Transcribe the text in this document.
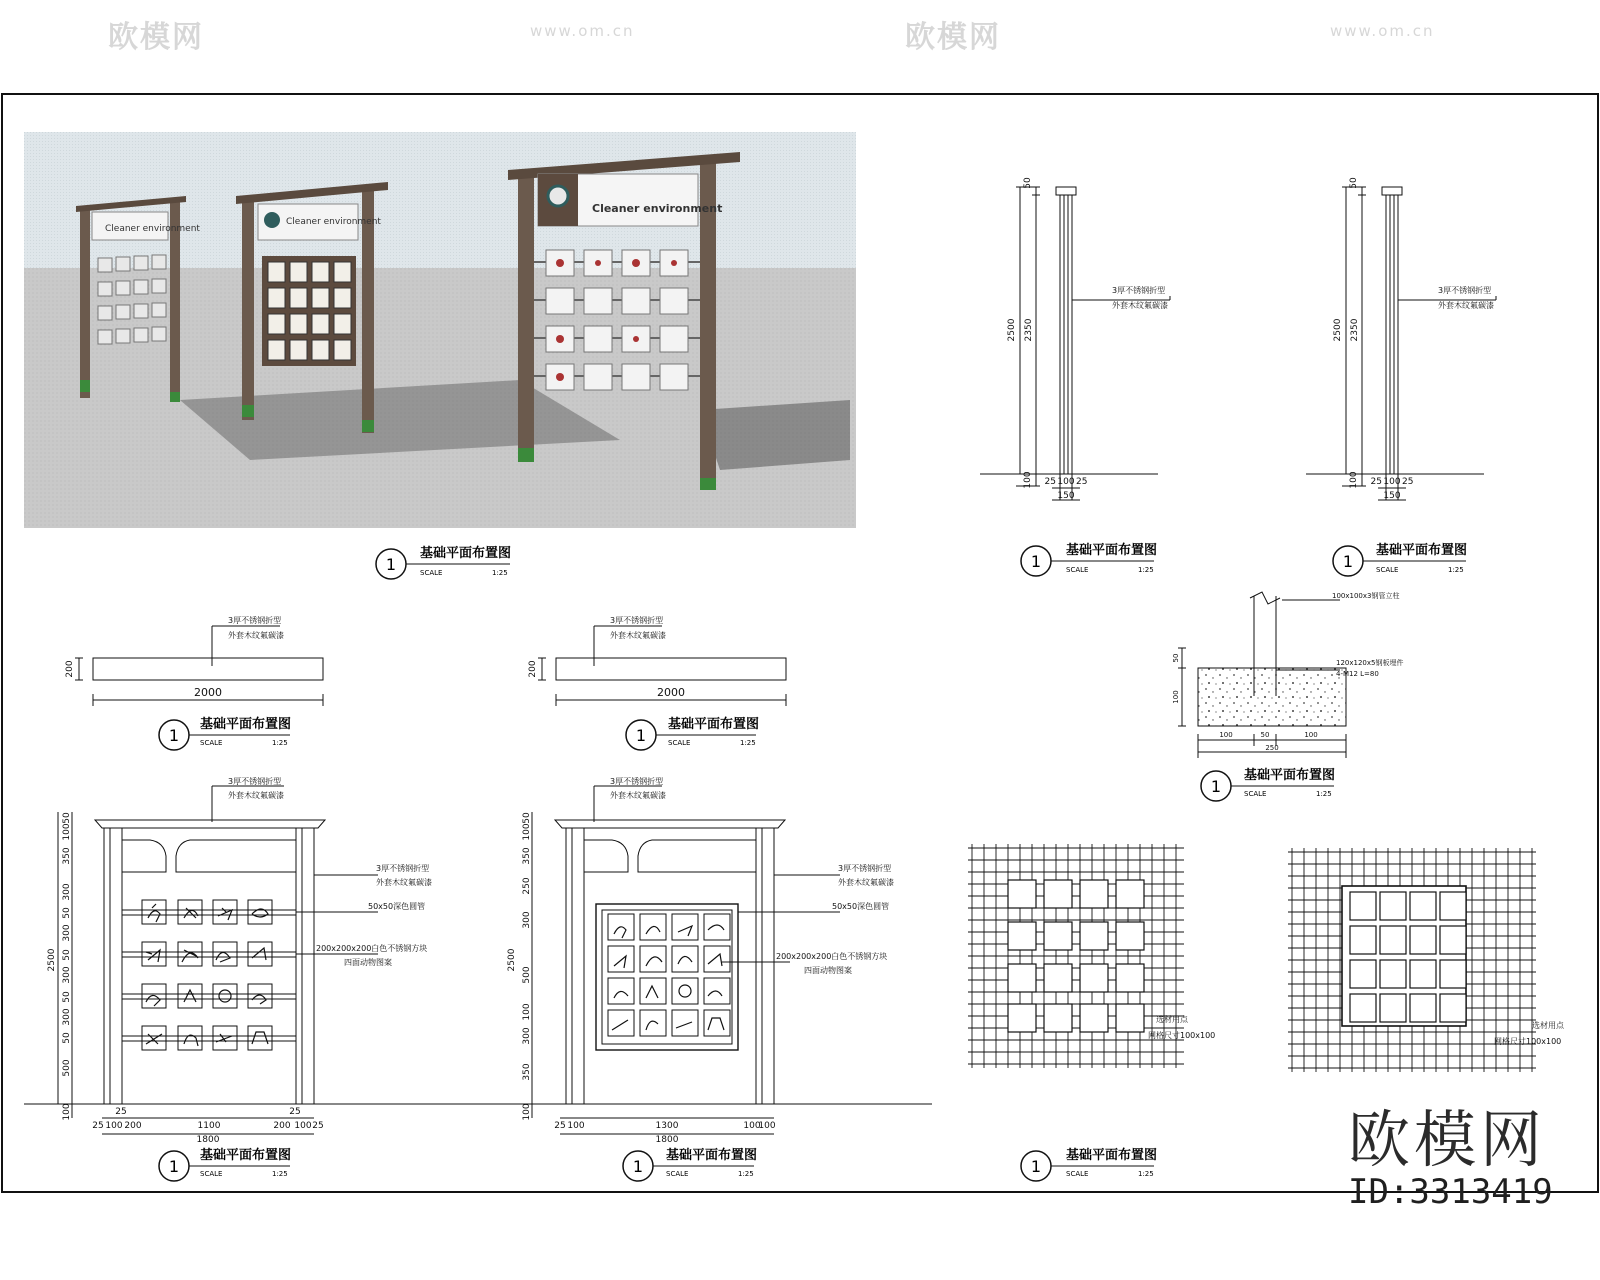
欧模网	www.om.cn	欧模网	www.om.cn
Cleaner environment
Cleaner environment
Cleaner environment
1
基础平面布置图
SCALE	1:25
50
2500 2350
100 25 100 25
150
3厚不锈钢折型
外套木纹氟碳漆
50
2500 2350
100 25 100 25
150
3厚不锈钢折型
外套木纹氟碳漆
1
基础平面布置图
SCALE	1:25	1
基础平面布置图
SCALE	1:25
2000
200
3厚不锈钢折型
外套木纹氟碳漆
1
基础平面布置图
SCALE	1:25
2000
200
3厚不锈钢折型
外套木纹氟碳漆
1
基础平面布置图
SCALE	1:25
100x100x3钢管立柱
120x120x5钢板埋件
4-M12 L=80
50
100
100	50	100
250
1
基础平面布置图
SCALE	1:25
3厚不锈钢折型
外套木纹氟碳漆
3厚不锈钢折型
外套木纹氟碳漆
50x50深色圆管
200x200x200白色不锈钢方块
四面动物图案
2500
50
100
350
300
50
300
50
300
50
300
50
500
100	25	25
25 100 200	1100	200 100 25
1800
1
基础平面布置图
SCALE	1:25
3厚不锈钢折型
外套木纹氟碳漆
3厚不锈钢折型
外套木纹氟碳漆
50x50深色圆管
200x200x200白色不锈钢方块
四面动物图案
2500
50
100
350
250
300
500
100
300
350
100
25 100	1300	100
100
1800
1
基础平面布置图
SCALE	1:25
选材用点
网格尺寸100x100
1
基础平面布置图
SCALE	1:25
选材用点
网格尺寸100x100
欧模网
ID:3313419
